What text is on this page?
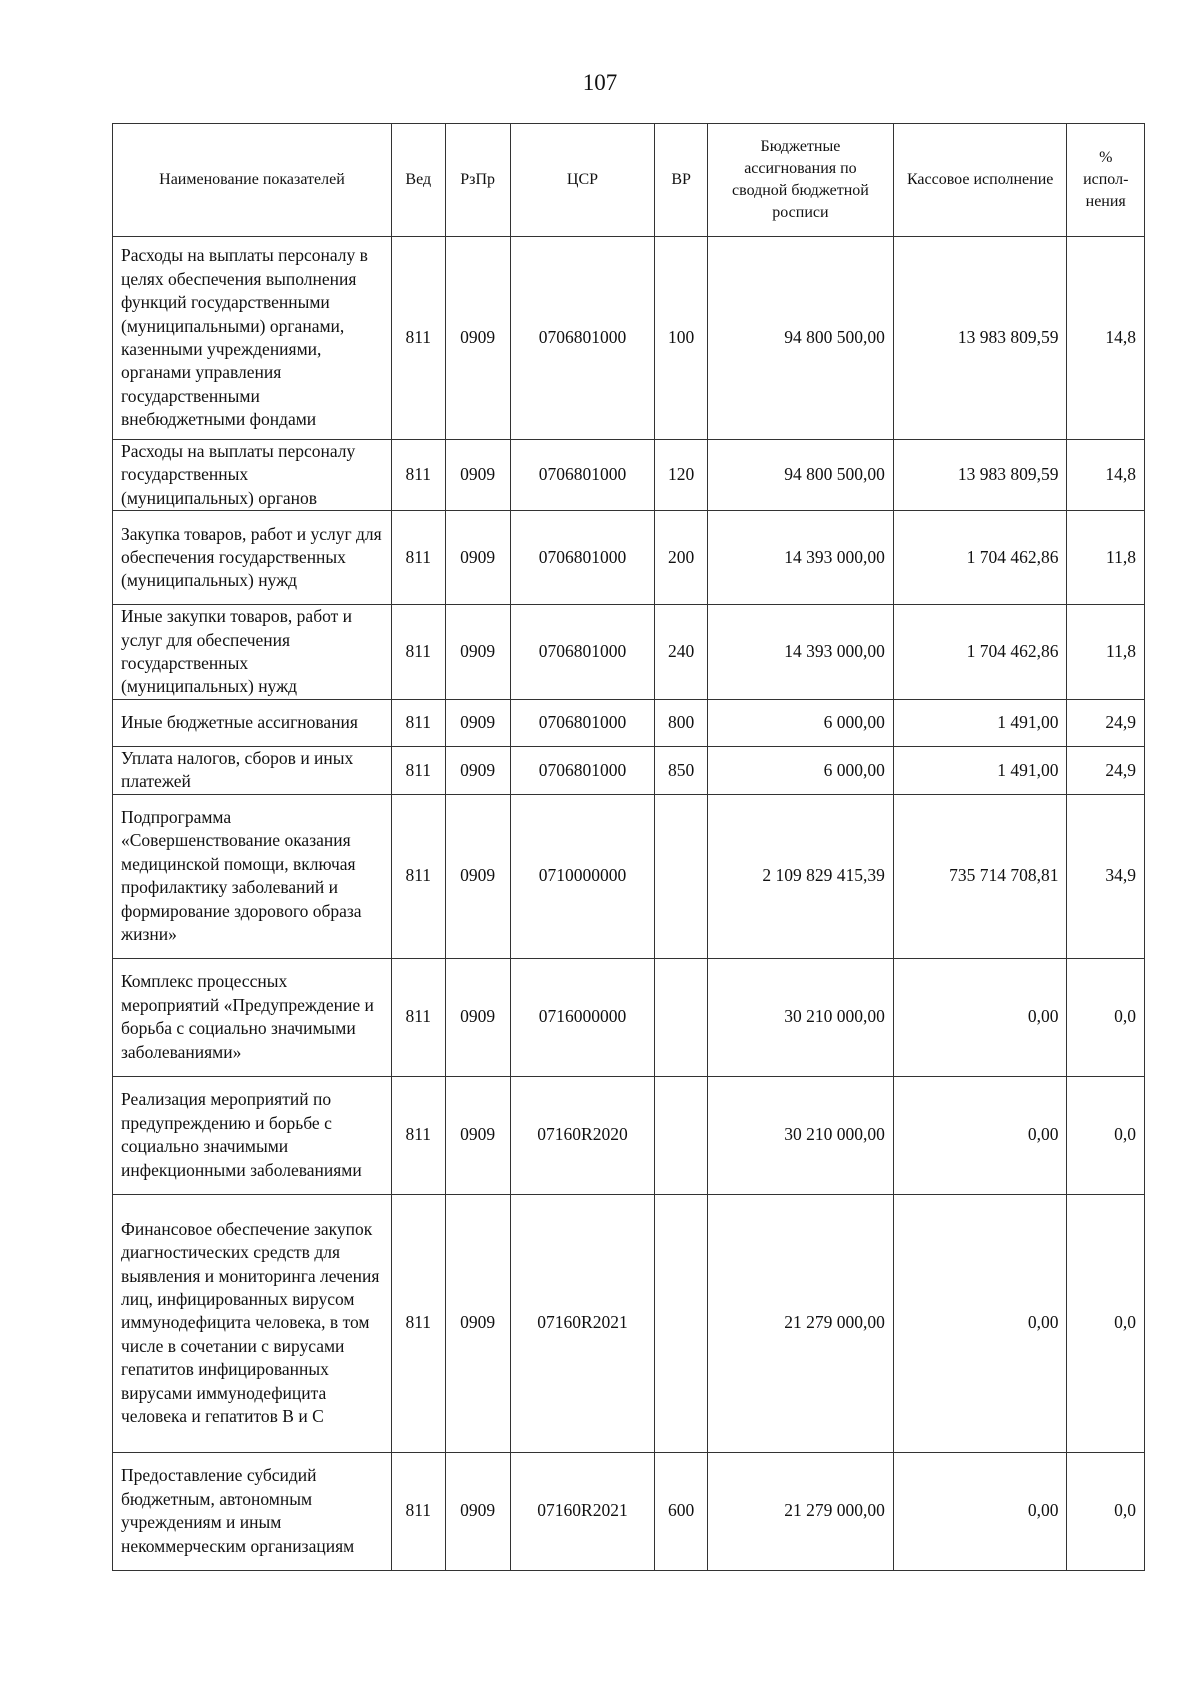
107
Наименование показателей	Вед	РзПр	ЦСР	ВР	Бюджетные ассигнования по сводной бюджетной росписи	Кассовое исполнение	% испол-нения
Расходы на выплаты персоналу в целях обеспечения выполнения функций государственными (муниципальными) органами, казенными учреждениями, органами управления государственными внебюджетными фондами	811	0909	0706801000	100	94 800 500,00	13 983 809,59	14,8
Расходы на выплаты персоналу государственных (муниципальных) органов	811	0909	0706801000	120	94 800 500,00	13 983 809,59	14,8
Закупка товаров, работ и услуг для обеспечения государственных (муниципальных) нужд	811	0909	0706801000	200	14 393 000,00	1 704 462,86	11,8
Иные закупки товаров, работ и услуг для обеспечения государственных (муниципальных) нужд	811	0909	0706801000	240	14 393 000,00	1 704 462,86	11,8
Иные бюджетные ассигнования	811	0909	0706801000	800	6 000,00	1 491,00	24,9
Уплата налогов, сборов и иных платежей	811	0909	0706801000	850	6 000,00	1 491,00	24,9
Подпрограмма «Совершенствование оказания медицинской помощи, включая профилактику заболеваний и формирование здорового образа жизни»	811	0909	0710000000		2 109 829 415,39	735 714 708,81	34,9
Комплекс процессных мероприятий «Предупреждение и борьба с социально значимыми заболеваниями»	811	0909	0716000000		30 210 000,00	0,00	0,0
Реализация мероприятий по предупреждению и борьбе с социально значимыми инфекционными заболеваниями	811	0909	07160R2020		30 210 000,00	0,00	0,0
Финансовое обеспечение закупок диагностических средств для выявления и мониторинга лечения лиц, инфицированных вирусом иммунодефицита человека, в том числе в сочетании с вирусами гепатитов инфицированных вирусами иммунодефицита человека и гепатитов В и С	811	0909	07160R2021		21 279 000,00	0,00	0,0
Предоставление субсидий бюджетным, автономным учреждениям и иным некоммерческим организациям	811	0909	07160R2021	600	21 279 000,00	0,00	0,0
